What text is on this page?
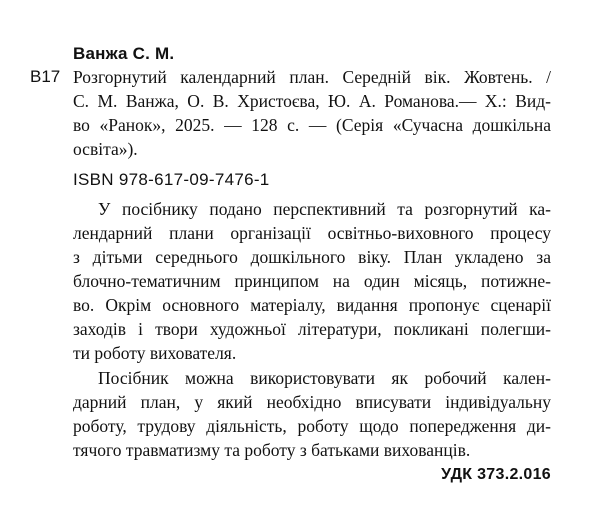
Ванжа С. М.

В17 Розгорнутий календарний план. Середній вік. Жовтень. /

С. М. Ванжа, О. В. Христоєва, Ю. А. Романова.— Х.: Вид-

во «Ранок», 2025. — 128 с. — (Серія «Сучасна дошкільна

освіта»).

ISBN 978-617-09-7476-1

У посібнику подано перспективний та розгорнутий ка-

лендарний плани організації освітньо-виховного процесу

з дітьми середнього дошкільного віку. План укладено за

блочно-тематичним принципом на один місяць, потижне-

во. Окрім основного матеріалу, видання пропонує сценарії

заходів і твори художньої літератури, покликані полегши-

ти роботу вихователя.

Посібник можна використовувати як робочий кален-

дарний план, у який необхідно вписувати індивідуальну

роботу, трудову діяльність, роботу щодо попередження ди-

тячого травматизму та роботу з батьками вихованців.

УДК 373.2.016
